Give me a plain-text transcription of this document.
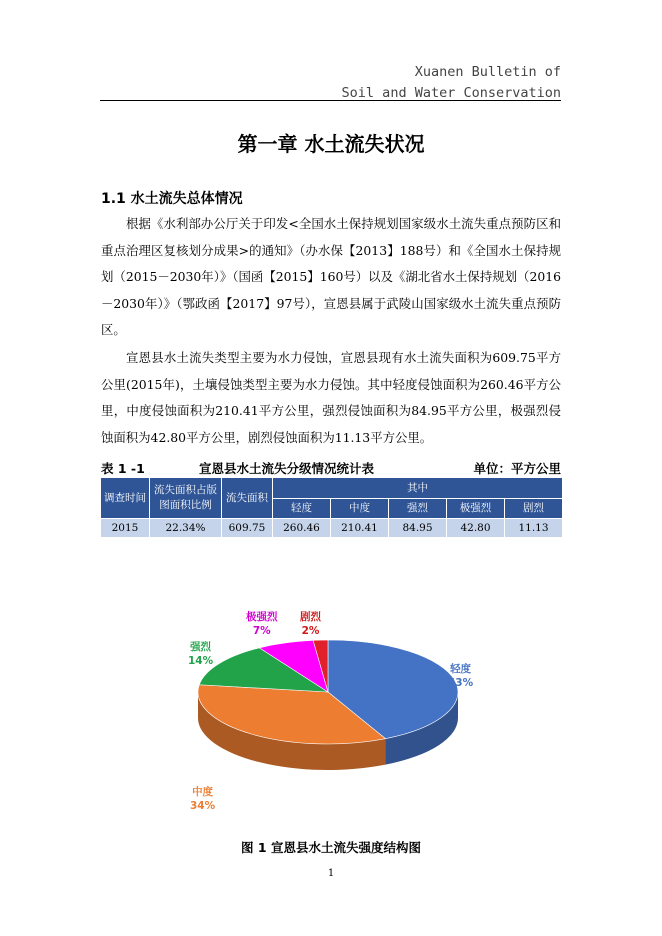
Xuanen Bulletin of
Soil and Water Conservation
第一章 水土流失状况
1.1 水土流失总体情况

根据《水利部办公厅关于印发<全国水土保持规划国家级水土流失重点预防区和重点治理区复核划分成果>的通知》（办水保【2013】188号）和《全国水土保持规划（2015－2030年）》（国函【2015】160号）以及《湖北省水土保持规划（2016－2030年）》（鄂政函【2017】97号），宣恩县属于武陵山国家级水土流失重点预防区。

宣恩县水土流失类型主要为水力侵蚀，宣恩县现有水土流失面积为609.75平方公里(2015年)，土壤侵蚀类型主要为水力侵蚀。其中轻度侵蚀面积为260.46平方公里，中度侵蚀面积为210.41平方公里，强烈侵蚀面积为84.95平方公里，极强烈侵蚀面积为42.80平方公里，剧烈侵蚀面积为11.13平方公里。

表 1 -1	宣恩县水土流失分级情况统计表	单位：平方公里
调查时间	流失面积占版图面积比例	流失面积	其中				
			轻度	中度	强烈	极强烈	剧烈
2015	22.34%	609.75	260.46	210.41	84.95	42.80	11.13
轻度
43%
中度
34%
强烈
14%
极强烈
7%
剧烈
2%
图 1 宣恩县水土流失强度结构图
1
